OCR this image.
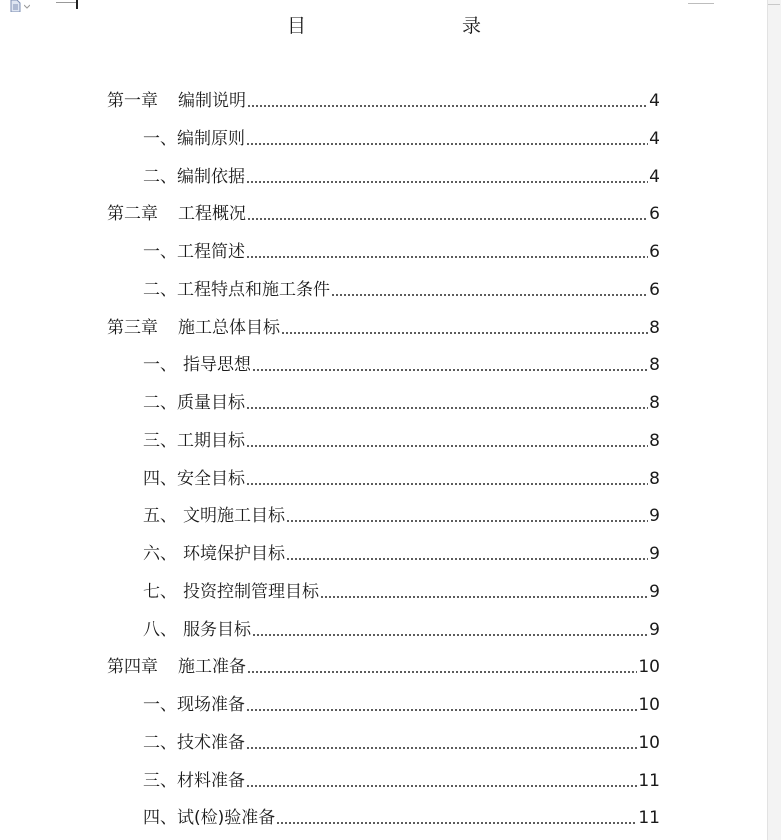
目	录
第一章 编制说明	4
一、 编制原则	4
二、 编制依据	4
第二章 工程概况	6
一、 工程简述	6
二、 工程特点和施工条件	6
第三章 施工总体目标	8
一、 指导思想	8
二、 质量目标	8
三、 工期目标	8
四、 安全目标	8
五、 文明施工目标	9
六、 环境保护目标	9
七、 投资控制管理目标	9
八、 服务目标	9
第四章 施工准备	10
一、 现场准备	10
二、 技术准备	10
三、 材料准备	11
四、 试(检)验准备	11
